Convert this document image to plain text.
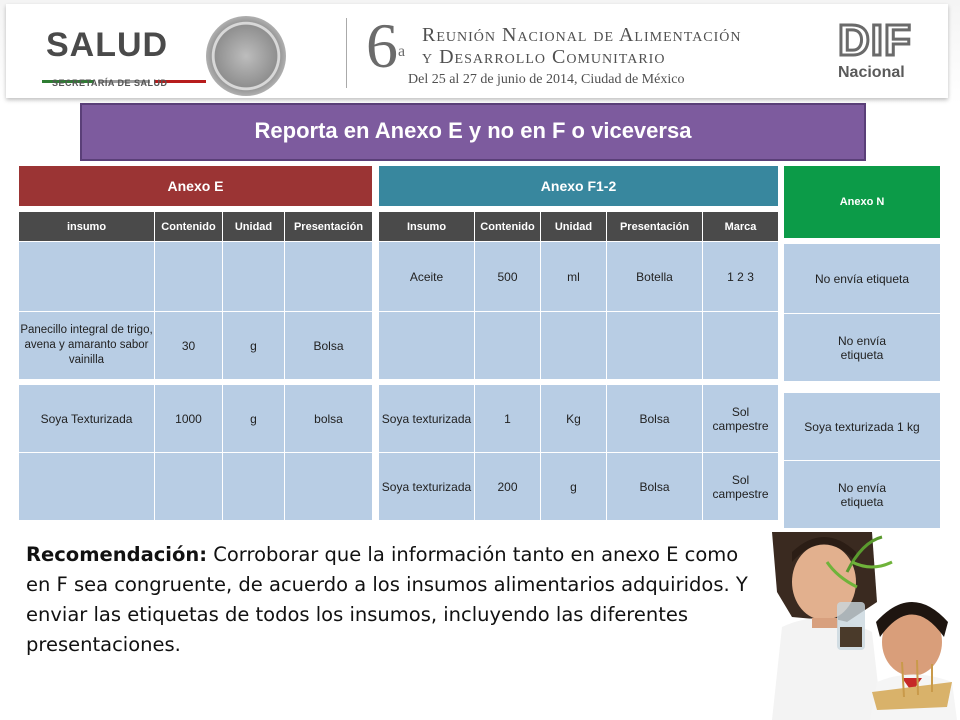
SALUD
SECRETARÍA DE SALUD
6$^a$
Reunión Nacional de Alimentación
y Desarrollo Comunitario
Del 25 al 27 de junio de 2014, Ciudad de México
DIF
Nacional
Reporta en Anexo E y no en F o viceversa
Anexo E			

insumo	Contenido	Unidad	Presentación

Panecillo integral de trigo, avena y amaranto sabor vainilla	30	g	Bolsa

Soya Texturizada	1000	g	bolsa

Anexo F1-2				

Insumo	Contenido	Unidad	Presentación	Marca
Aceite	500	ml	Botella	1 2 3

Soya texturizada	1	Kg	Bolsa	Sol campestre
Soya texturizada	200	g	Bolsa	Sol campestre
Anexo N

No envía etiqueta
No envía etiqueta

Soya texturizada 1 kg
No envía etiqueta
Recomendación: Corroborar que la información tanto en anexo E como en F sea congruente, de acuerdo a los insumos alimentarios adquiridos. Y enviar las etiquetas de todos los insumos, incluyendo las diferentes presentaciones.
